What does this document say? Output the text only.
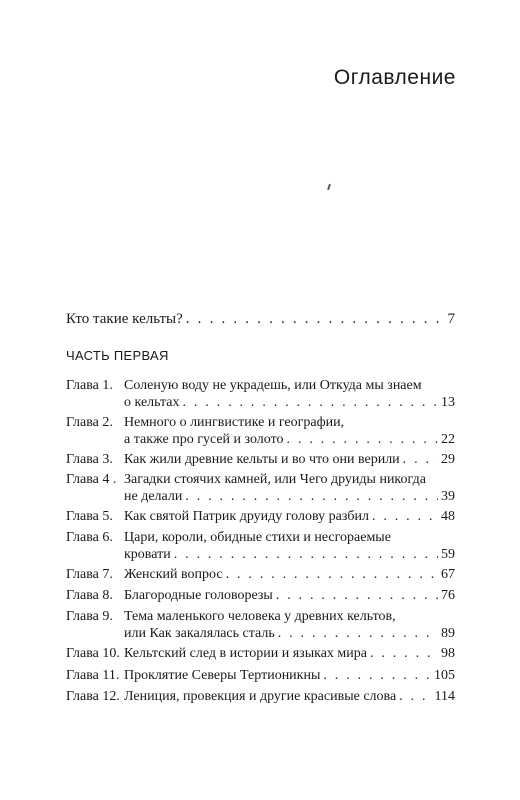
Оглавление
Кто такие кельты? . . .	7
ЧАСТЬ ПЕРВАЯ
Глава 1. Соленую воду не украдешь, или Откуда мы знаем
о кельтах . . .	13
Глава 2. Немного о лингвистике и географии,
а также про гусей и золото . . .	22
Глава 3. Как жили древние кельты и во что они верили . . .	29
Глава 4 . Загадки стоячих камней, или Чего друиды никогда
не делали . . .	39
Глава 5. Как святой Патрик друиду голову разбил . . .	48
Глава 6. Цари, короли, обидные стихи и несгораемые
кровати . . .	59
Глава 7. Женский вопрос . . .	67
Глава 8. Благородные головорезы . . .	76
Глава 9. Тема маленького человека у древних кельтов,
или Как закалялась сталь . . .	89
Глава 10. Кельтский след в истории и языках мира . . .	98
Глава 11. Проклятие Северы Тертионикны . . .	105
Глава 12. Лениция, провекция и другие красивые слова . . .	114
